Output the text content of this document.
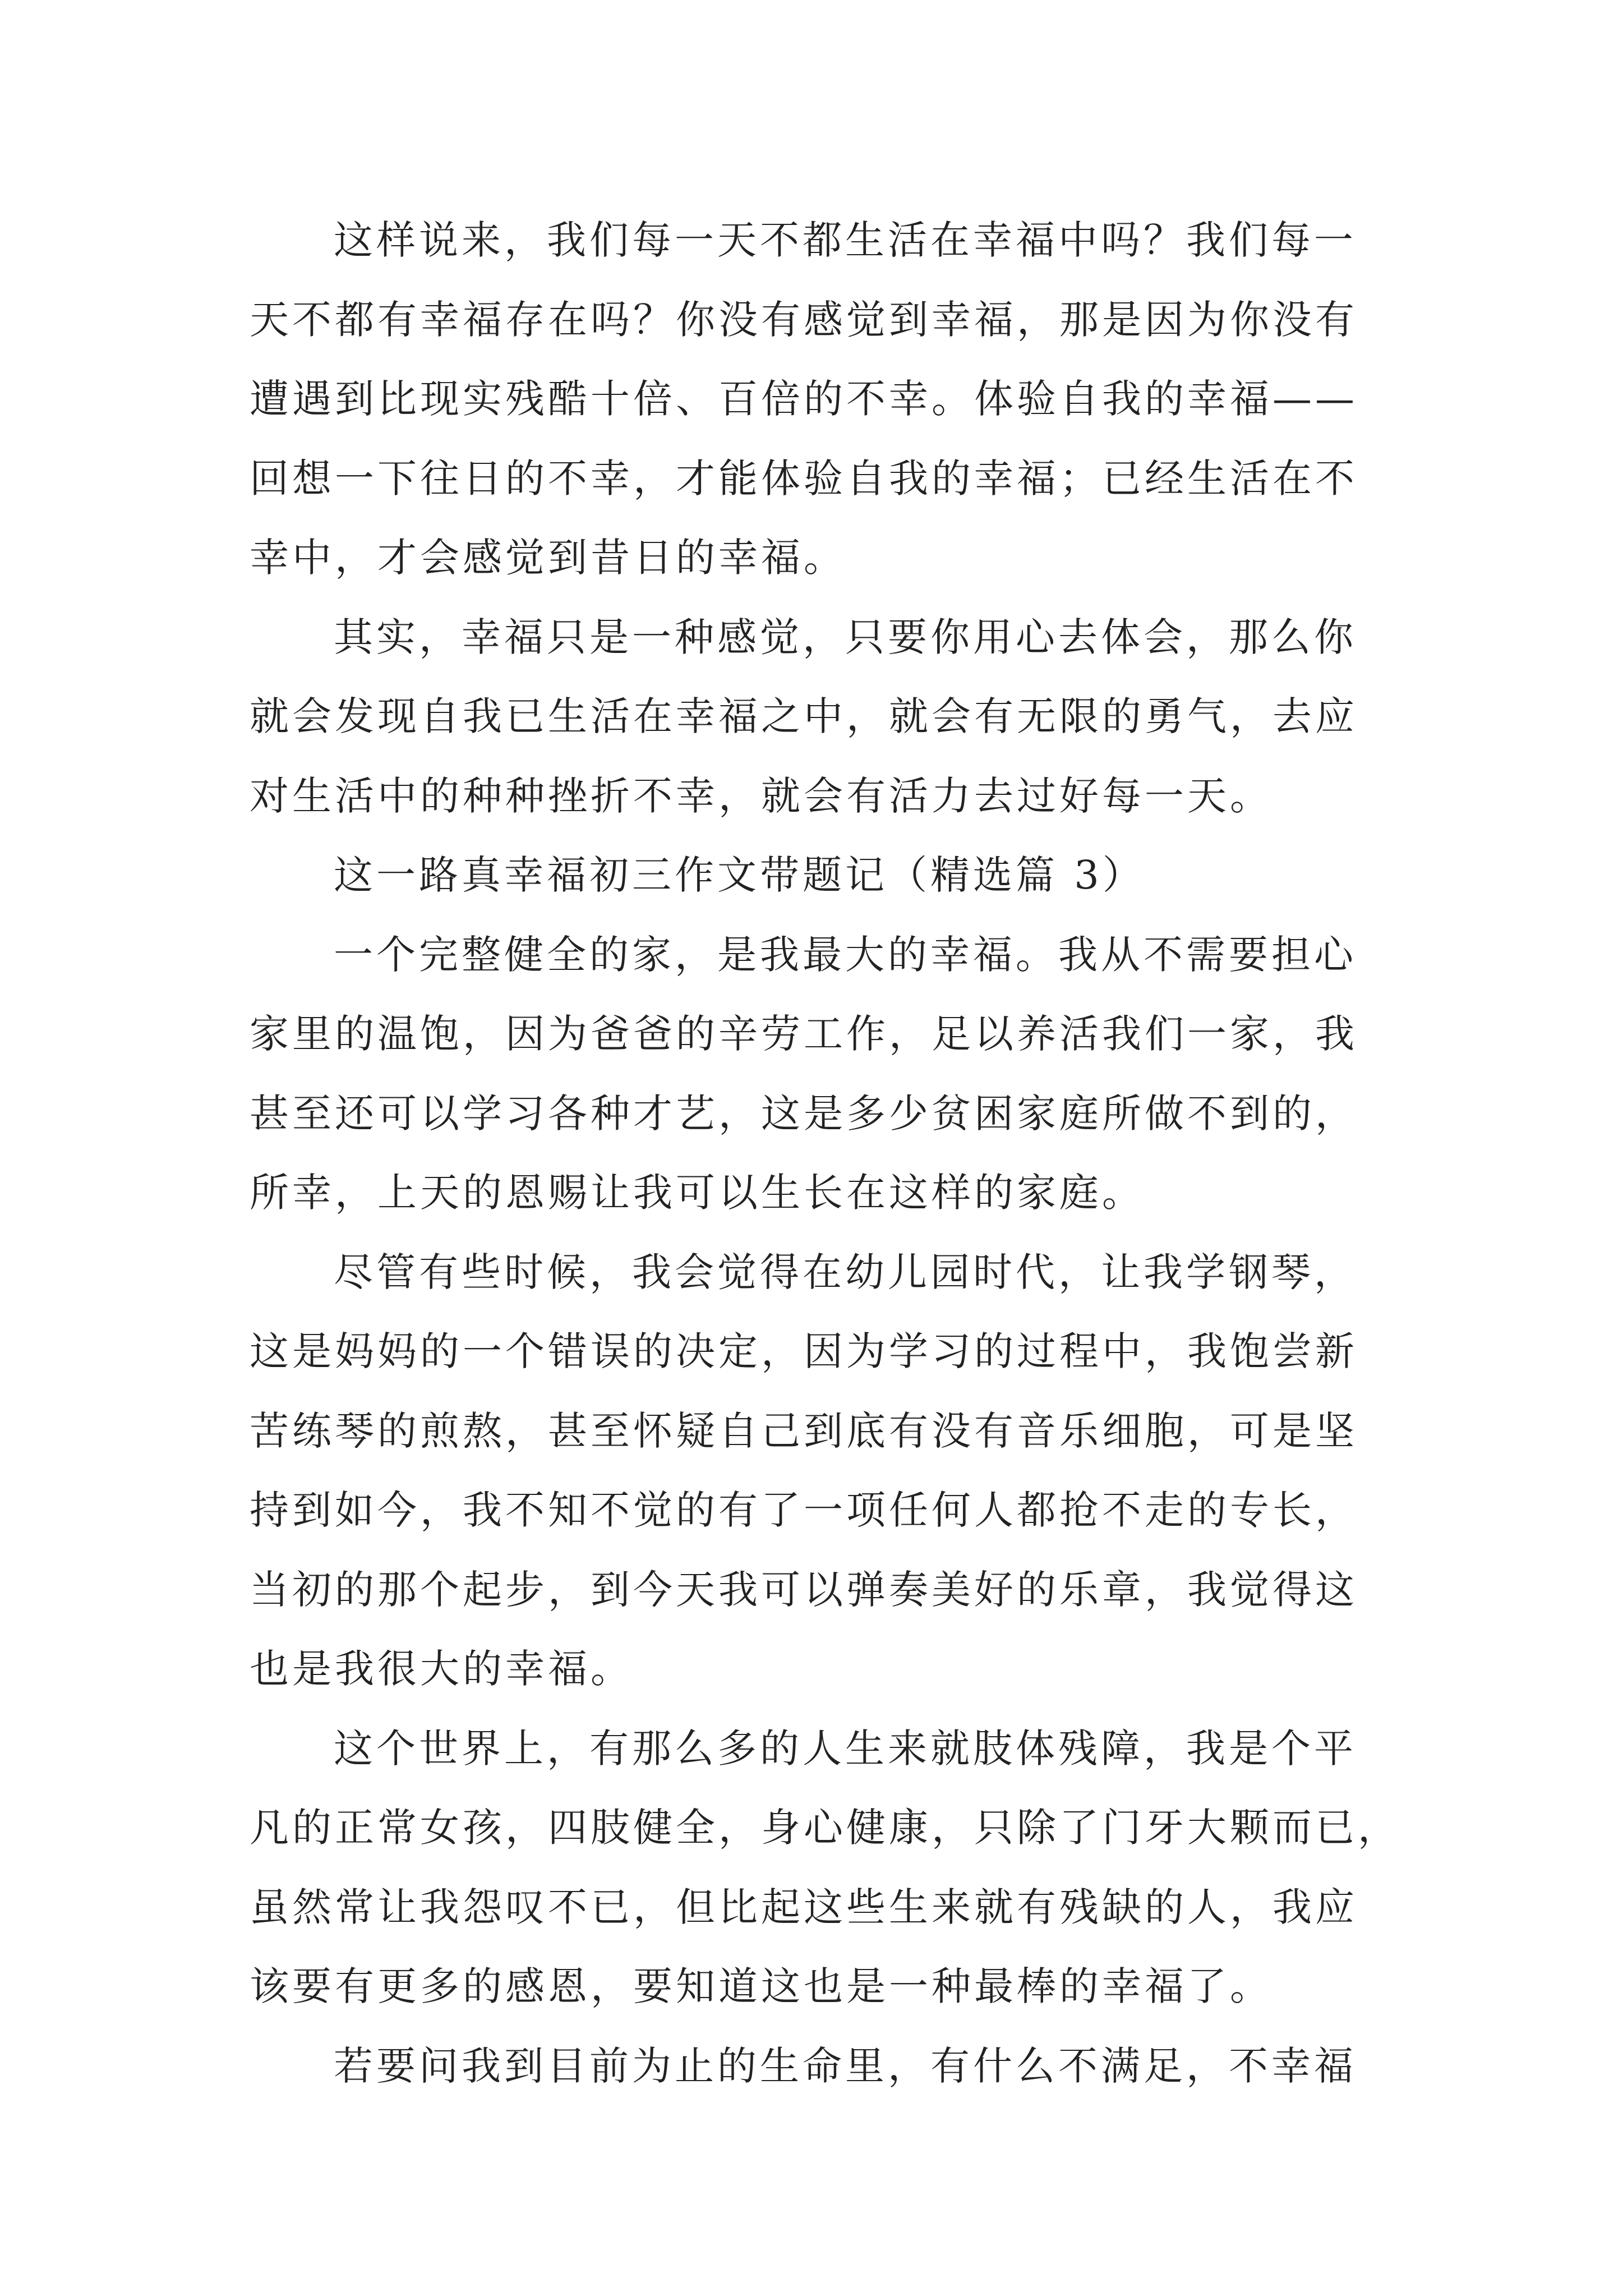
这样说来，我们每一天不都生活在幸福中吗？我们每一
天不都有幸福存在吗？你没有感觉到幸福，那是因为你没有
遭遇到比现实残酷十倍、百倍的不幸。体验自我的幸福——
回想一下往日的不幸，才能体验自我的幸福；已经生活在不
幸中，才会感觉到昔日的幸福。
其实，幸福只是一种感觉，只要你用心去体会，那么你
就会发现自我已生活在幸福之中，就会有无限的勇气，去应
对生活中的种种挫折不幸，就会有活力去过好每一天。
这一路真幸福初三作文带题记（精选篇 3）
一个完整健全的家，是我最大的幸福。我从不需要担心
家里的温饱，因为爸爸的辛劳工作，足以养活我们一家，我
甚至还可以学习各种才艺，这是多少贫困家庭所做不到的，
所幸，上天的恩赐让我可以生长在这样的家庭。
尽管有些时候，我会觉得在幼儿园时代，让我学钢琴，
这是妈妈的一个错误的决定，因为学习的过程中，我饱尝新
苦练琴的煎熬，甚至怀疑自己到底有没有音乐细胞，可是坚
持到如今，我不知不觉的有了一项任何人都抢不走的专长，
当初的那个起步，到今天我可以弹奏美好的乐章，我觉得这
也是我很大的幸福。
这个世界上，有那么多的人生来就肢体残障，我是个平
凡的正常女孩，四肢健全，身心健康，只除了门牙大颗而已，
虽然常让我怨叹不已，但比起这些生来就有残缺的人，我应
该要有更多的感恩，要知道这也是一种最棒的幸福了。
若要问我到目前为止的生命里，有什么不满足，不幸福
